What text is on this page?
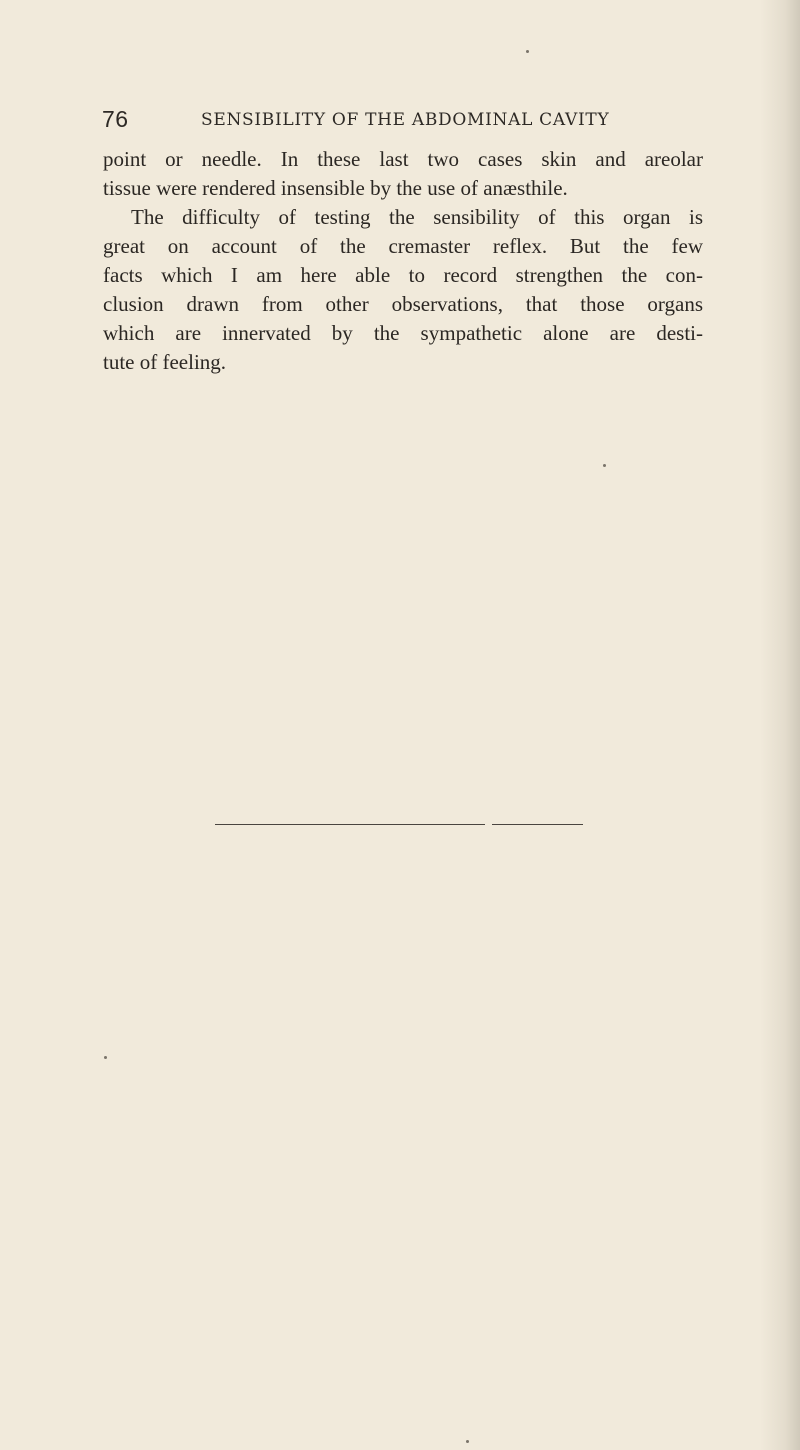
76	SENSIBILITY OF THE ABDOMINAL CAVITY
point or needle. In these last two cases skin and areolar
tissue were rendered insensible by the use of anæsthile.
The difficulty of testing the sensibility of this organ is
great on account of the cremaster reflex. But the few
facts which I am here able to record strengthen the con-
clusion drawn from other observations, that those organs
which are innervated by the sympathetic alone are desti-
tute of feeling.
